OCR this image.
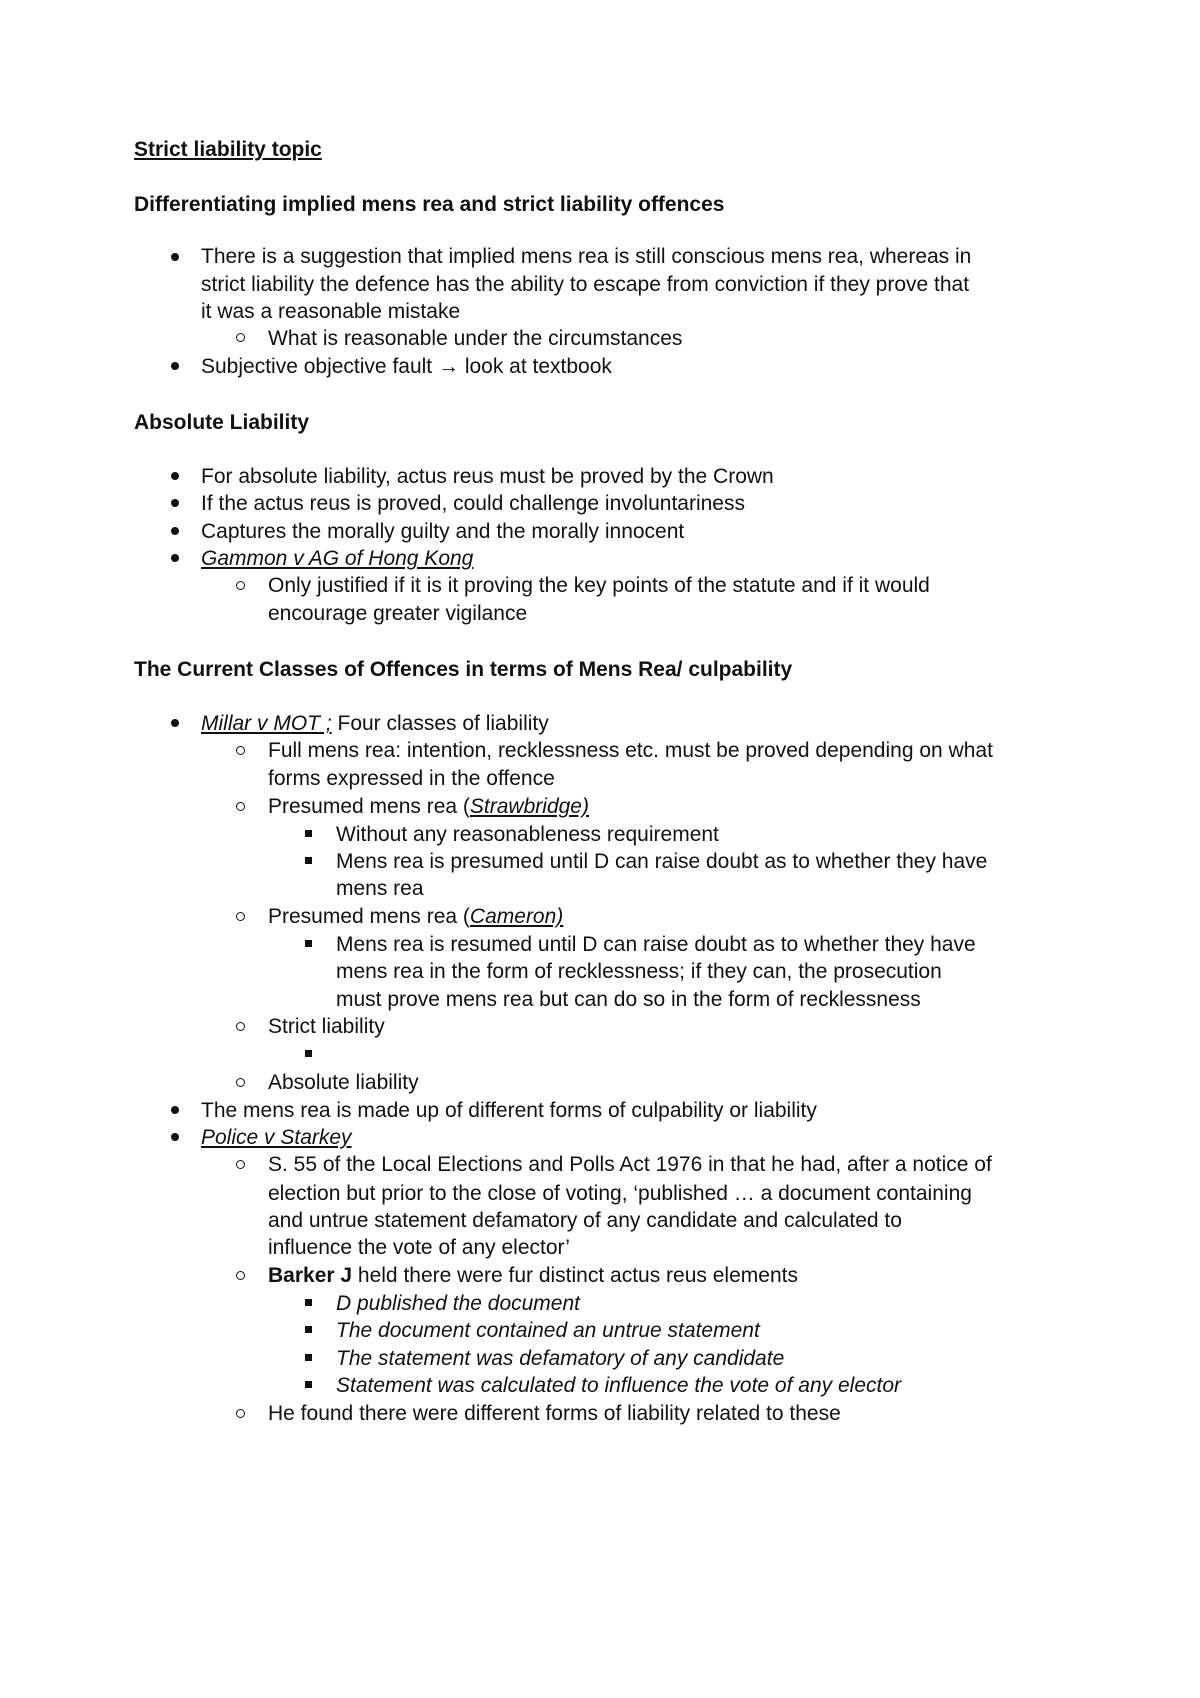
Strict liability topic
Differentiating implied mens rea and strict liability offences
There is a suggestion that implied mens rea is still conscious mens rea, whereas in
strict liability the defence has the ability to escape from conviction if they prove that
it was a reasonable mistake
What is reasonable under the circumstances
Subjective objective fault → look at textbook
Absolute Liability
For absolute liability, actus reus must be proved by the Crown
If the actus reus is proved, could challenge involuntariness
Captures the morally guilty and the morally innocent
Gammon v AG of Hong Kong
Only justified if it is it proving the key points of the statute and if it would
encourage greater vigilance
The Current Classes of Offences in terms of Mens Rea/ culpability
Millar v MOT ; Four classes of liability
Full mens rea: intention, recklessness etc. must be proved depending on what
forms expressed in the offence
Presumed mens rea (Strawbridge)
Without any reasonableness requirement
Mens rea is presumed until D can raise doubt as to whether they have
mens rea
Presumed mens rea (Cameron)
Mens rea is resumed until D can raise doubt as to whether they have
mens rea in the form of recklessness; if they can, the prosecution
must prove mens rea but can do so in the form of recklessness
Strict liability
Absolute liability
The mens rea is made up of different forms of culpability or liability
Police v Starkey
S. 55 of the Local Elections and Polls Act 1976 in that he had, after a notice of
election but prior to the close of voting, ‘published … a document containing
and untrue statement defamatory of any candidate and calculated to
influence the vote of any elector’
Barker J held there were fur distinct actus reus elements
D published the document
The document contained an untrue statement
The statement was defamatory of any candidate
Statement was calculated to influence the vote of any elector
He found there were different forms of liability related to these
